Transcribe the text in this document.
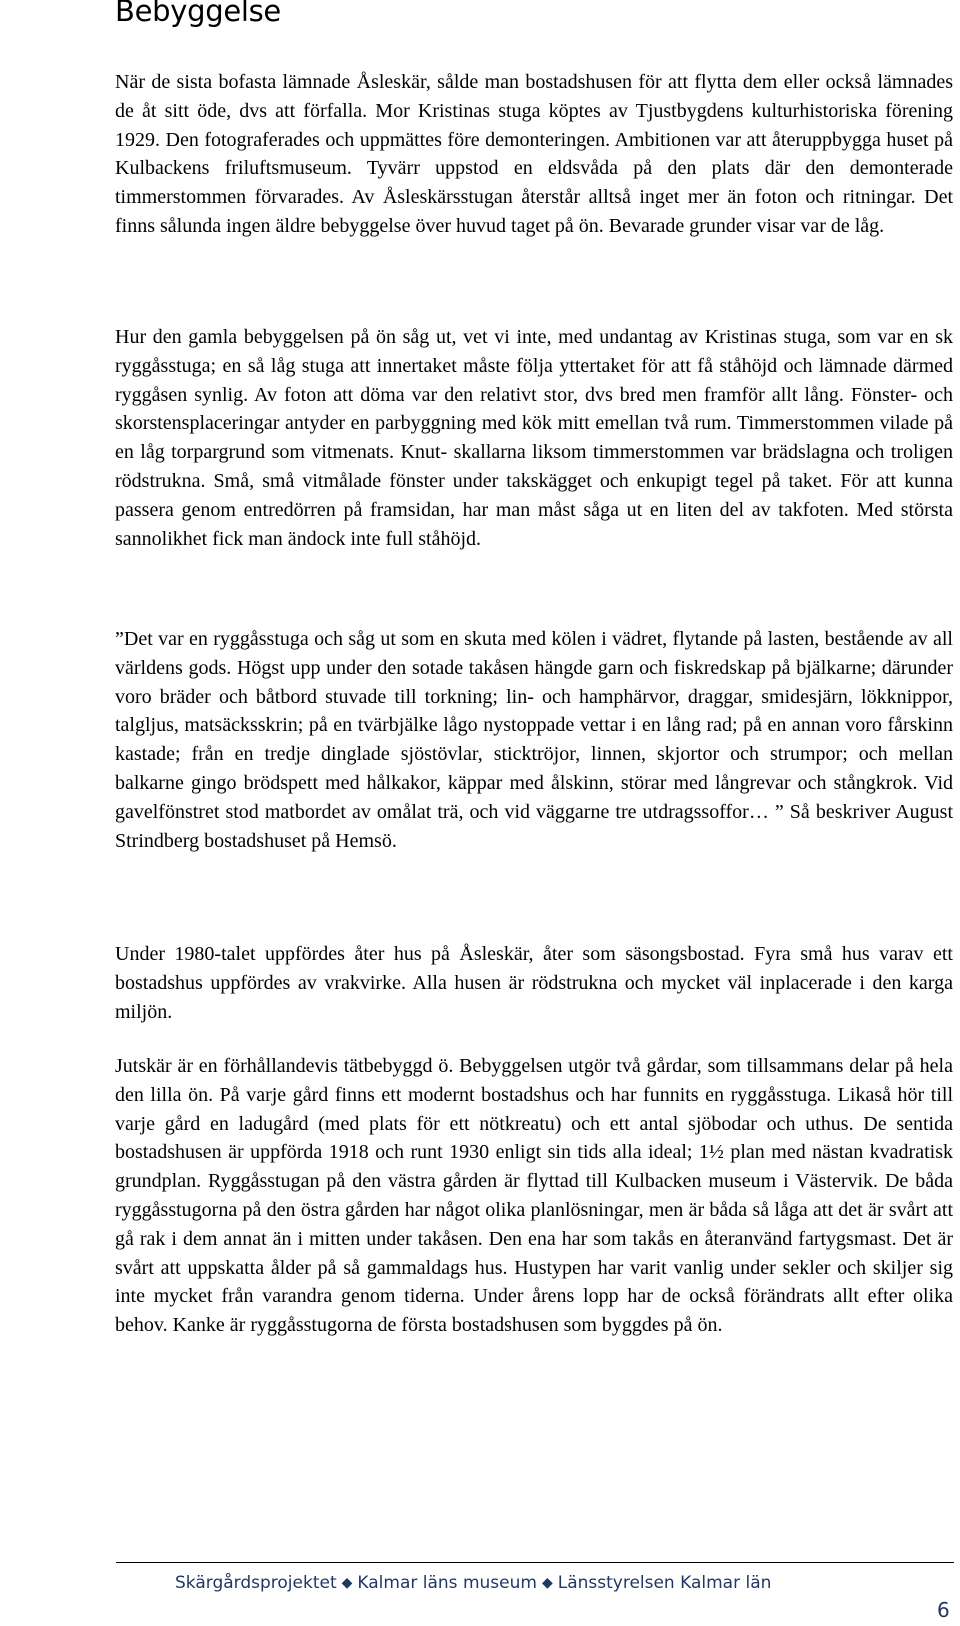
Bebyggelse

När de sista bofasta lämnade Åsleskär, sålde man bostadshusen för att flytta dem eller också lämnades de åt sitt öde, dvs att förfalla. Mor Kristinas stuga köptes av Tjustbygdens kulturhistoriska förening 1929. Den fotograferades och uppmättes före demonteringen. Ambitionen var att återuppbygga huset på Kulbackens friluftsmuseum. Tyvärr uppstod en eldsvåda på den plats där den demonterade timmerstommen förvarades. Av Åsleskärsstugan återstår alltså inget mer än foton och ritningar. Det finns sålunda ingen äldre bebyggelse över huvud taget på ön. Bevarade grunder visar var de låg.

Hur den gamla bebyggelsen på ön såg ut, vet vi inte, med undantag av Kristinas stuga, som var en sk ryggåsstuga; en så låg stuga att innertaket måste följa yttertaket för att få ståhöjd och lämnade därmed ryggåsen synlig. Av foton att döma var den relativt stor, dvs bred men framför allt lång. Fönster- och skorstensplaceringar antyder en parbyggning med kök mitt emellan två rum. Timmerstommen vilade på en låg torpargrund som vitmenats. Knut- skallarna liksom timmerstommen var brädslagna och troligen rödstrukna. Små, små vitmålade fönster under takskägget och enkupigt tegel på taket. För att kunna passera genom entredörren på framsidan, har man måst såga ut en liten del av takfoten. Med största sannolikhet fick man ändock inte full ståhöjd.

”Det var en ryggåsstuga och såg ut som en skuta med kölen i vädret, flytande på lasten, bestående av all världens gods. Högst upp under den sotade takåsen hängde garn och fiskredskap på bjälkarne; därunder voro bräder och båtbord stuvade till torkning; lin- och hamphärvor, draggar, smidesjärn, lökknippor, talgljus, matsäcksskrin; på en tvärbjälke lågo nystoppade vettar i en lång rad; på en annan voro fårskinn kastade; från en tredje dinglade sjöstövlar, sticktröjor, linnen, skjortor och strumpor; och mellan balkarne gingo brödspett med hålkakor, käppar med ålskinn, störar med långrevar och stångkrok. Vid gavelfönstret stod matbordet av omålat trä, och vid väggarne tre utdragssoffor… ” Så beskriver August Strindberg bostadshuset på Hemsö.

Under 1980-talet uppfördes åter hus på Åsleskär, åter som säsongsbostad. Fyra små hus varav ett bostadshus uppfördes av vrakvirke. Alla husen är rödstrukna och mycket väl inplacerade i den karga miljön.

Jutskär är en förhållandevis tätbebyggd ö. Bebyggelsen utgör två gårdar, som tillsammans delar på hela den lilla ön. På varje gård finns ett modernt bostadshus och har funnits en ryggåsstuga. Likaså hör till varje gård en ladugård (med plats för ett nötkreatu) och ett antal sjöbodar och uthus. De sentida bostadshusen är uppförda 1918 och runt 1930 enligt sin tids alla ideal; 1½ plan med nästan kvadratisk grundplan. Ryggåsstugan på den västra gården är flyttad till Kulbacken museum i Västervik. De båda ryggåsstugorna på den östra gården har något olika planlösningar, men är båda så låga att det är svårt att gå rak i dem annat än i mitten under takåsen. Den ena har som takås en återanvänd fartygsmast. Det är svårt att uppskatta ålder på så gammaldags hus. Hustypen har varit vanlig under sekler och skiljer sig inte mycket från varandra genom tiderna. Under årens lopp har de också förändrats allt efter olika behov. Kanke är ryggåsstugorna de första bostadshusen som byggdes på ön.

Skärgårdsprojektet ◆ Kalmar läns museum ◆ Länsstyrelsen Kalmar län
6
